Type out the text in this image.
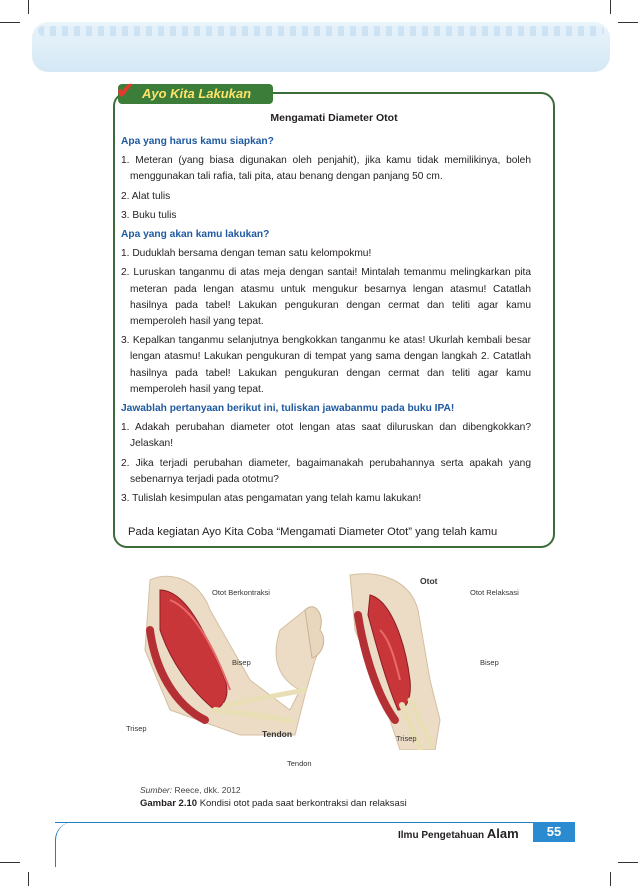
Ayo Kita Lakukan
✔
Mengamati Diameter Otot

Apa yang harus kamu siapkan?

1. Meteran (yang biasa digunakan oleh penjahit), jika kamu tidak memilikinya, boleh menggunakan tali rafia, tali pita, atau benang dengan panjang 50 cm.

2. Alat tulis

3. Buku tulis

Apa yang akan kamu lakukan?

1. Duduklah bersama dengan teman satu kelompokmu!

2. Luruskan tanganmu di atas meja dengan santai! Mintalah temanmu melingkarkan pita meteran pada lengan atasmu untuk mengukur besarnya lengan atasmu! Catatlah hasilnya pada tabel! Lakukan pengukuran dengan cermat dan teliti agar kamu memperoleh hasil yang tepat.

3. Kepalkan tanganmu selanjutnya bengkokkan tanganmu ke atas! Ukurlah kembali besar lengan atasmu! Lakukan pengukuran di tempat yang sama dengan langkah 2. Catatlah hasilnya pada tabel! Lakukan pengukuran dengan cermat dan teliti agar kamu memperoleh hasil yang tepat.

Jawablah pertanyaan berikut ini, tuliskan jawabanmu pada buku IPA!

1. Adakah perubahan diameter otot lengan atas saat diluruskan dan dibengkokkan? Jelaskan!

2. Jika terjadi perubahan diameter, bagaimanakah perubahannya serta apakah yang sebenarnya terjadi pada ototmu?

3. Tulislah kesimpulan atas pengamatan yang telah kamu lakukan!

Pada kegiatan Ayo Kita Coba “Mengamati Diameter Otot” yang telah kamu
Otot Berkontraksi
Bisep
Trisep
Tendon
Tendon
Otot
Otot Relaksasi
Bisep
Trisep
Sumber: Reece, dkk. 2012
Gambar 2.10 Kondisi otot pada saat berkontraksi dan relaksasi
Ilmu Pengetahuan Alam	55
